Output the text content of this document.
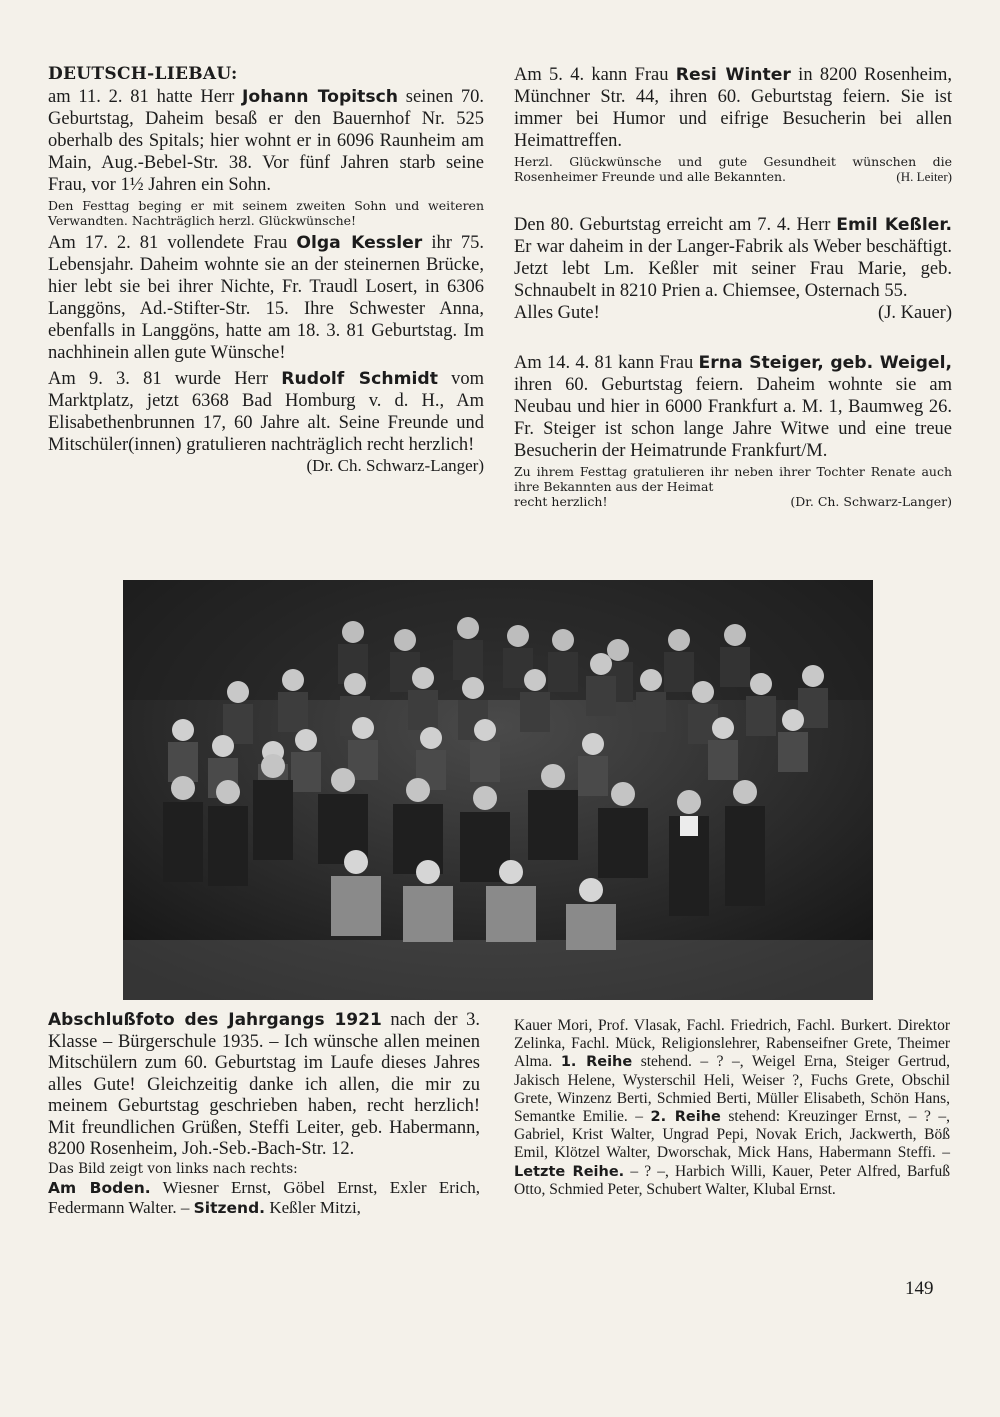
DEUTSCH-LIEBAU:

am 11. 2. 81 hatte Herr Johann Topitsch seinen 70. Geburtstag, Daheim besaß er den Bauernhof Nr. 525 oberhalb des Spitals; hier wohnt er in 6096 Raunheim am Main, Aug.-Bebel-Str. 38. Vor fünf Jahren starb seine Frau, vor 1½ Jahren ein Sohn.

Den Festtag beging er mit seinem zweiten Sohn und weiteren Verwandten. Nachträglich herzl. Glückwünsche!

Am 17. 2. 81 vollendete Frau Olga Kessler ihr 75. Lebensjahr. Daheim wohnte sie an der steinernen Brücke, hier lebt sie bei ihrer Nichte, Fr. Traudl Losert, in 6306 Langgöns, Ad.-Stifter-Str. 15. Ihre Schwester Anna, ebenfalls in Langgöns, hatte am 18. 3. 81 Geburtstag. Im nachhinein allen gute Wünsche!

Am 9. 3. 81 wurde Herr Rudolf Schmidt vom Marktplatz, jetzt 6368 Bad Homburg v. d. H., Am Elisabethenbrunnen 17, 60 Jahre alt. Seine Freunde und Mitschüler(innen) gratulieren nachträglich recht herzlich!

(Dr. Ch. Schwarz-Langer)

Am 5. 4. kann Frau Resi Winter in 8200 Rosenheim, Münchner Str. 44, ihren 60. Geburtstag feiern. Sie ist immer bei Humor und eifrige Besucherin bei allen Heimattreffen.

Herzl. Glückwünsche und gute Gesundheit wünschen die Rosenheimer Freunde und alle Bekannten.	(H. Leiter)

Den 80. Geburtstag erreicht am 7. 4. Herr Emil Keßler. Er war daheim in der Langer-Fabrik als Weber beschäftigt. Jetzt lebt Lm. Keßler mit seiner Frau Marie, geb. Schnaubelt in 8210 Prien a. Chiemsee, Osternach 55.

Alles Gute!	(J. Kauer)

Am 14. 4. 81 kann Frau Erna Steiger, geb. Weigel, ihren 60. Geburtstag feiern. Daheim wohnte sie am Neubau und hier in 6000 Frankfurt a. M. 1, Baumweg 26. Fr. Steiger ist schon lange Jahre Witwe und eine treue Besucherin der Heimatrunde Frankfurt/M.

Zu ihrem Festtag gratulieren ihr neben ihrer Tochter Renate auch ihre Bekannten aus der Heimat

recht herzlich!	(Dr. Ch. Schwarz-Langer)

Abschlußfoto des Jahrgangs 1921 nach der 3. Klasse – Bürgerschule 1935. – Ich wünsche allen meinen Mitschülern zum 60. Geburtstag im Laufe dieses Jahres alles Gute! Gleichzeitig danke ich allen, die mir zu meinem Geburtstag geschrieben haben, recht herzlich! Mit freundlichen Grüßen, Steffi Leiter, geb. Habermann, 8200 Rosenheim, Joh.-Seb.-Bach-Str. 12.

Das Bild zeigt von links nach rechts:

Am Boden. Wiesner Ernst, Göbel Ernst, Exler Erich, Federmann Walter. – Sitzend. Keßler Mitzi,

Kauer Mori, Prof. Vlasak, Fachl. Friedrich, Fachl. Burkert. Direktor Zelinka, Fachl. Mück, Religionslehrer, Rabenseifner Grete, Theimer Alma. 1. Reihe stehend. – ? –, Weigel Erna, Steiger Gertrud, Jakisch Helene, Wysterschil Heli, Weiser ?, Fuchs Grete, Obschil Grete, Winzenz Berti, Schmied Berti, Müller Elisabeth, Schön Hans, Semantke Emilie. – 2. Reihe stehend: Kreuzinger Ernst, – ? –, Gabriel, Krist Walter, Ungrad Pepi, Novak Erich, Jackwerth, Böß Emil, Klötzel Walter, Dworschak, Mick Hans, Habermann Steffi. – Letzte Reihe. – ? –, Harbich Willi, Kauer, Peter Alfred, Barfuß Otto, Schmied Peter, Schubert Walter, Klubal Ernst.

149
